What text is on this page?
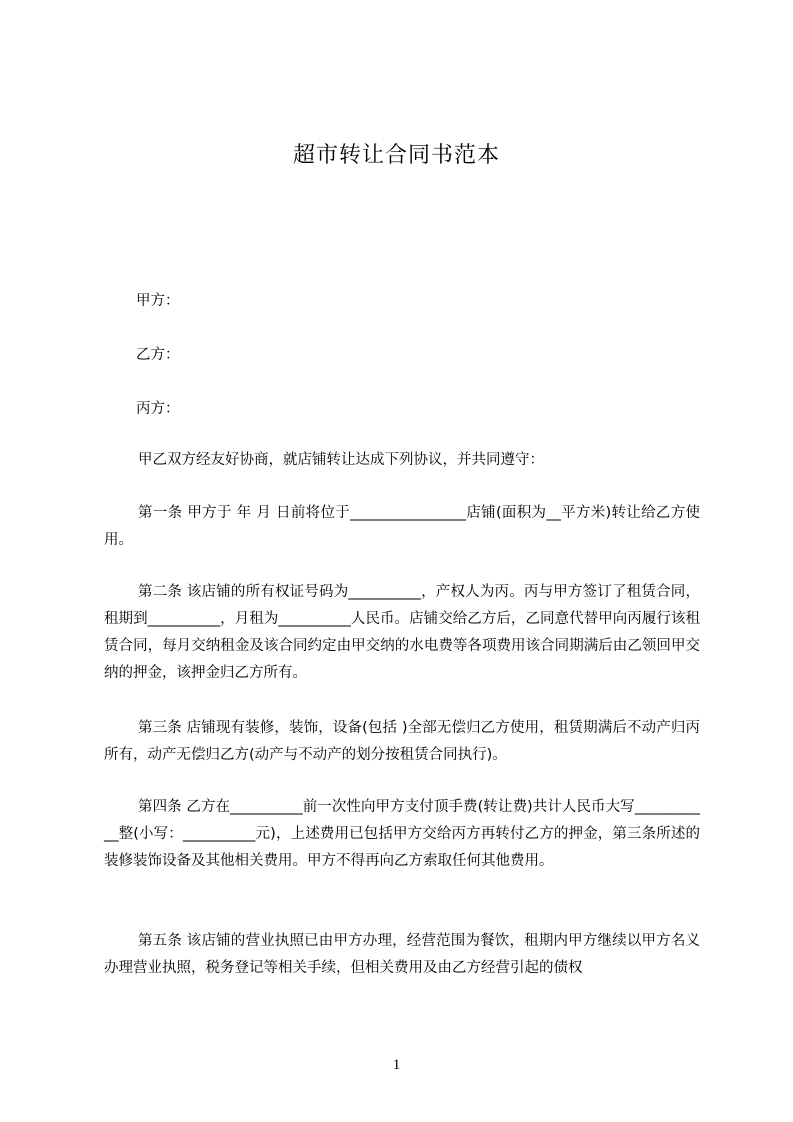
超市转让合同书范本
甲方：
乙方：
丙方：
甲乙双方经友好协商，就店铺转让达成下列协议，并共同遵守：
第一条 甲方于 年 月 日前将位于________________店铺(面积为__平方米)转让给乙方使用。
第二条 该店铺的所有权证号码为__________，产权人为丙。丙与甲方签订了租赁合同，租期到__________，月租为__________人民币。店铺交给乙方后，乙同意代替甲向丙履行该租赁合同，每月交纳租金及该合同约定由甲交纳的水电费等各项费用该合同期满后由乙领回甲交纳的押金，该押金归乙方所有。
第三条 店铺现有装修，装饰，设备(包括 )全部无偿归乙方使用，租赁期满后不动产归丙所有，动产无偿归乙方(动产与不动产的划分按租赁合同执行)。
第四条 乙方在__________前一次性向甲方支付顶手费(转让费)共计人民币大写___________整(小写：__________元)，上述费用已包括甲方交给丙方再转付乙方的押金，第三条所述的装修装饰设备及其他相关费用。甲方不得再向乙方索取任何其他费用。
第五条 该店铺的营业执照已由甲方办理，经营范围为餐饮，租期内甲方继续以甲方名义办理营业执照，税务登记等相关手续，但相关费用及由乙方经营引起的债权
1
